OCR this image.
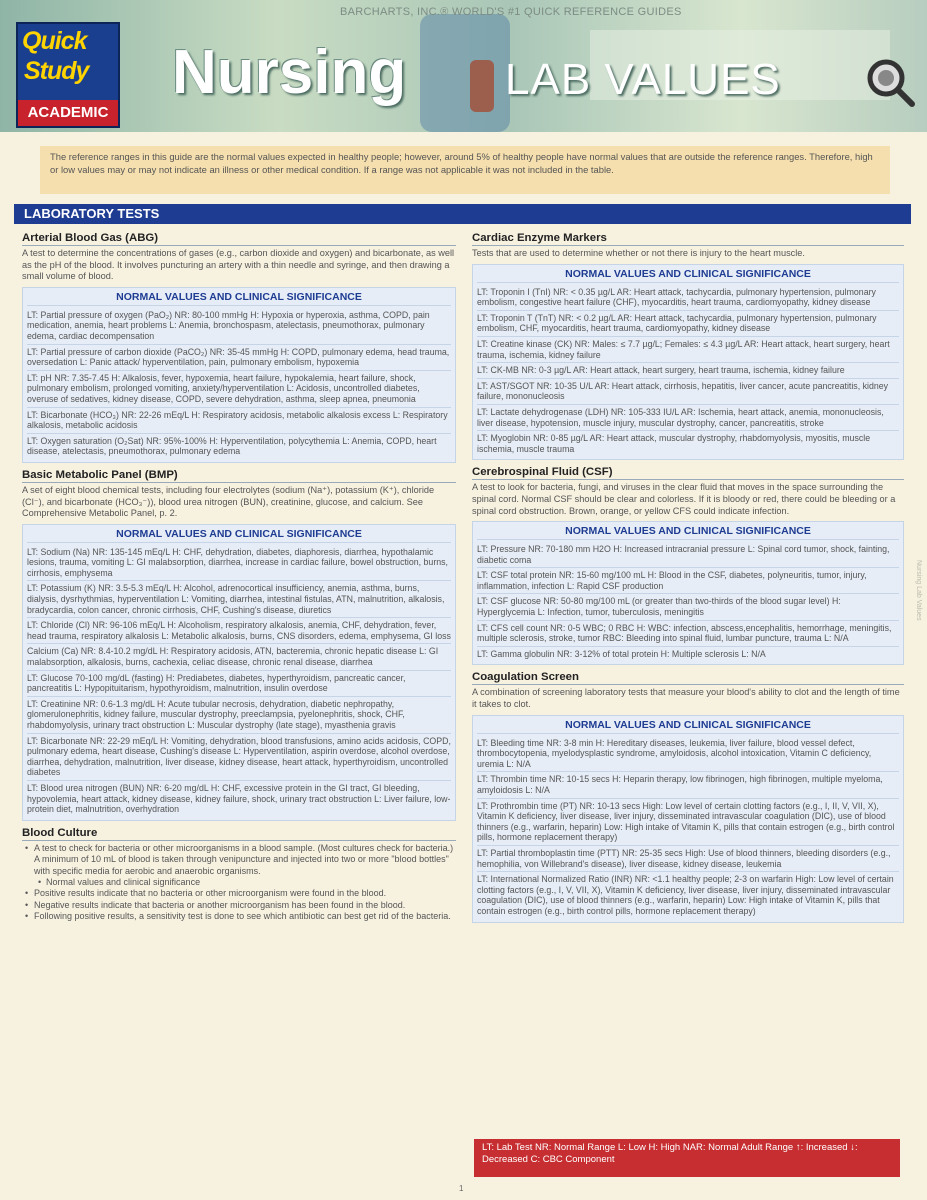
BARCHARTS, INC.® WORLD'S #1 QUICK REFERENCE GUIDES
Quick
Study
ACADEMIC
Nursing LAB VALUES
The reference ranges in this guide are the normal values expected in healthy people; however, around 5% of healthy people have normal values that are outside the reference ranges. Therefore, high or low values may or may not indicate an illness or other medical condition. If a range was not applicable it was not included in the table.
LABORATORY TESTS
Arterial Blood Gas (ABG)
A test to determine the concentrations of gases (e.g., carbon dioxide and oxygen) and bicarbonate, as well as the pH of the blood. It involves puncturing an artery with a thin needle and syringe, and then drawing a small volume of blood.
NORMAL VALUES AND CLINICAL SIGNIFICANCE
LT: Partial pressure of oxygen (PaO₂) NR: 80-100 mmHg H: Hypoxia or hyperoxia, asthma, COPD, pain medication, anemia, heart problems L: Anemia, bronchospasm, atelectasis, pneumothorax, pulmonary edema, cardiac decompensation
LT: Partial pressure of carbon dioxide (PaCO₂) NR: 35-45 mmHg H: COPD, pulmonary edema, head trauma, oversedation L: Panic attack/ hyperventilation, pain, pulmonary embolism, hypoxemia
LT: pH NR: 7.35-7.45 H: Alkalosis, fever, hypoxemia, heart failure, hypokalemia, heart failure, shock, pulmonary embolism, prolonged vomiting, anxiety/hyperventilation L: Acidosis, uncontrolled diabetes, overuse of sedatives, kidney disease, COPD, severe dehydration, asthma, sleep apnea, pneumonia
LT: Bicarbonate (HCO₃) NR: 22-26 mEq/L H: Respiratory acidosis, metabolic alkalosis excess L: Respiratory alkalosis, metabolic acidosis
LT: Oxygen saturation (O₂Sat) NR: 95%-100% H: Hyperventilation, polycythemia L: Anemia, COPD, heart disease, atelectasis, pneumothorax, pulmonary edema
Basic Metabolic Panel (BMP)
A set of eight blood chemical tests, including four electrolytes (sodium (Na⁺), potassium (K⁺), chloride (Cl⁻), and bicarbonate (HCO₃⁻)), blood urea nitrogen (BUN), creatinine, glucose, and calcium. See Comprehensive Metabolic Panel, p. 2.
NORMAL VALUES AND CLINICAL SIGNIFICANCE
LT: Sodium (Na) NR: 135-145 mEq/L H: CHF, dehydration, diabetes, diaphoresis, diarrhea, hypothalamic lesions, trauma, vomiting L: GI malabsorption, diarrhea, increase in cardiac failure, bowel obstruction, burns, cirrhosis, emphysema
LT: Potassium (K) NR: 3.5-5.3 mEq/L H: Alcohol, adrenocortical insufficiency, anemia, asthma, burns, dialysis, dysrhythmias, hyperventilation L: Vomiting, diarrhea, intestinal fistulas, ATN, malnutrition, alkalosis, bradycardia, colon cancer, chronic cirrhosis, CHF, Cushing's disease, diuretics
LT: Chloride (Cl) NR: 96-106 mEq/L H: Alcoholism, respiratory alkalosis, anemia, CHF, dehydration, fever, head trauma, respiratory alkalosis L: Metabolic alkalosis, burns, CNS disorders, edema, emphysema, GI loss
Calcium (Ca) NR: 8.4-10.2 mg/dL H: Respiratory acidosis, ATN, bacteremia, chronic hepatic disease L: GI malabsorption, alkalosis, burns, cachexia, celiac disease, chronic renal disease, diarrhea
LT: Glucose 70-100 mg/dL (fasting) H: Prediabetes, diabetes, hyperthyroidism, pancreatic cancer, pancreatitis L: Hypopituitarism, hypothyroidism, malnutrition, insulin overdose
LT: Creatinine NR: 0.6-1.3 mg/dL H: Acute tubular necrosis, dehydration, diabetic nephropathy, glomerulonephritis, kidney failure, muscular dystrophy, preeclampsia, pyelonephritis, shock, CHF, rhabdomyolysis, urinary tract obstruction L: Muscular dystrophy (late stage), myasthenia gravis
LT: Bicarbonate NR: 22-29 mEq/L H: Vomiting, dehydration, blood transfusions, amino acids acidosis, COPD, pulmonary edema, heart disease, Cushing's disease L: Hyperventilation, aspirin overdose, alcohol overdose, diarrhea, dehydration, malnutrition, liver disease, kidney disease, heart attack, hyperthyroidism, uncontrolled diabetes
LT: Blood urea nitrogen (BUN) NR: 6-20 mg/dL H: CHF, excessive protein in the GI tract, GI bleeding, hypovolemia, heart attack, kidney disease, kidney failure, shock, urinary tract obstruction L: Liver failure, low-protein diet, malnutrition, overhydration
Blood Culture
• A test to check for bacteria or other microorganisms in a blood sample. (Most cultures check for bacteria.) A minimum of 10 mL of blood is taken through venipuncture and injected into two or more "blood bottles" with specific media for aerobic and anaerobic organisms.
• Normal values and clinical significance
• Positive results indicate that no bacteria or other microorganism were found in the blood.
• Negative results indicate that bacteria or another microorganism has been found in the blood.
• Following positive results, a sensitivity test is done to see which antibiotic can best get rid of the bacteria.
Cardiac Enzyme Markers
Tests that are used to determine whether or not there is injury to the heart muscle.
NORMAL VALUES AND CLINICAL SIGNIFICANCE
LT: Troponin I (TnI) NR: < 0.35 µg/L AR: Heart attack, tachycardia, pulmonary hypertension, pulmonary embolism, congestive heart failure (CHF), myocarditis, heart trauma, cardiomyopathy, kidney disease
LT: Troponin T (TnT) NR: < 0.2 µg/L AR: Heart attack, tachycardia, pulmonary hypertension, pulmonary embolism, CHF, myocarditis, heart trauma, cardiomyopathy, kidney disease
LT: Creatine kinase (CK) NR: Males: ≤ 7.7 µg/L; Females: ≤ 4.3 µg/L AR: Heart attack, heart surgery, heart trauma, ischemia, kidney failure
LT: CK-MB NR: 0-3 µg/L AR: Heart attack, heart surgery, heart trauma, ischemia, kidney failure
LT: AST/SGOT NR: 10-35 U/L AR: Heart attack, cirrhosis, hepatitis, liver cancer, acute pancreatitis, kidney failure, mononucleosis
LT: Lactate dehydrogenase (LDH) NR: 105-333 IU/L AR: Ischemia, heart attack, anemia, mononucleosis, liver disease, hypotension, muscle injury, muscular dystrophy, cancer, pancreatitis, stroke
LT: Myoglobin NR: 0-85 µg/L AR: Heart attack, muscular dystrophy, rhabdomyolysis, myositis, muscle ischemia, muscle trauma
Cerebrospinal Fluid (CSF)
A test to look for bacteria, fungi, and viruses in the clear fluid that moves in the space surrounding the spinal cord. Normal CSF should be clear and colorless. If it is bloody or red, there could be bleeding or a spinal cord obstruction. Brown, orange, or yellow CFS could indicate infection.
NORMAL VALUES AND CLINICAL SIGNIFICANCE
LT: Pressure NR: 70-180 mm H2O H: Increased intracranial pressure L: Spinal cord tumor, shock, fainting, diabetic coma
LT: CSF total protein NR: 15-60 mg/100 mL H: Blood in the CSF, diabetes, polyneuritis, tumor, injury, inflammation, infection L: Rapid CSF production
LT: CSF glucose NR: 50-80 mg/100 mL (or greater than two-thirds of the blood sugar level) H: Hyperglycemia L: Infection, tumor, tuberculosis, meningitis
LT: CFS cell count NR: 0-5 WBC; 0 RBC H: WBC: infection, abscess,encephalitis, hemorrhage, meningitis, multiple sclerosis, stroke, tumor RBC: Bleeding into spinal fluid, lumbar puncture, trauma L: N/A
LT: Gamma globulin NR: 3-12% of total protein H: Multiple sclerosis L: N/A
Coagulation Screen
A combination of screening laboratory tests that measure your blood's ability to clot and the length of time it takes to clot.
NORMAL VALUES AND CLINICAL SIGNIFICANCE
LT: Bleeding time NR: 3-8 min H: Hereditary diseases, leukemia, liver failure, blood vessel defect, thrombocytopenia, myelodysplastic syndrome, amyloidosis, alcohol intoxication, Vitamin C deficiency, uremia L: N/A
LT: Thrombin time NR: 10-15 secs H: Heparin therapy, low fibrinogen, high fibrinogen, multiple myeloma, amyloidosis L: N/A
LT: Prothrombin time (PT) NR: 10-13 secs High: Low level of certain clotting factors (e.g., I, II, V, VII, X), Vitamin K deficiency, liver disease, liver injury, disseminated intravascular coagulation (DIC), use of blood thinners (e.g., warfarin, heparin) Low: High intake of Vitamin K, pills that contain estrogen (e.g., birth control pills, hormone replacement therapy)
LT: Partial thromboplastin time (PTT) NR: 25-35 secs High: Use of blood thinners, bleeding disorders (e.g., hemophilia, von Willebrand's disease), liver disease, kidney disease, leukemia
LT: International Normalized Ratio (INR) NR: <1.1 healthy people; 2-3 on warfarin High: Low level of certain clotting factors (e.g., I, V, VII, X), Vitamin K deficiency, liver disease, liver injury, disseminated intravascular coagulation (DIC), use of blood thinners (e.g., warfarin, heparin) Low: High intake of Vitamin K, pills that contain estrogen (e.g., birth control pills, hormone replacement therapy)
LT: Lab Test NR: Normal Range L: Low H: High NAR: Normal Adult Range ↑: Increased ↓: Decreased C: CBC Component
1
Nursing Lab Values
